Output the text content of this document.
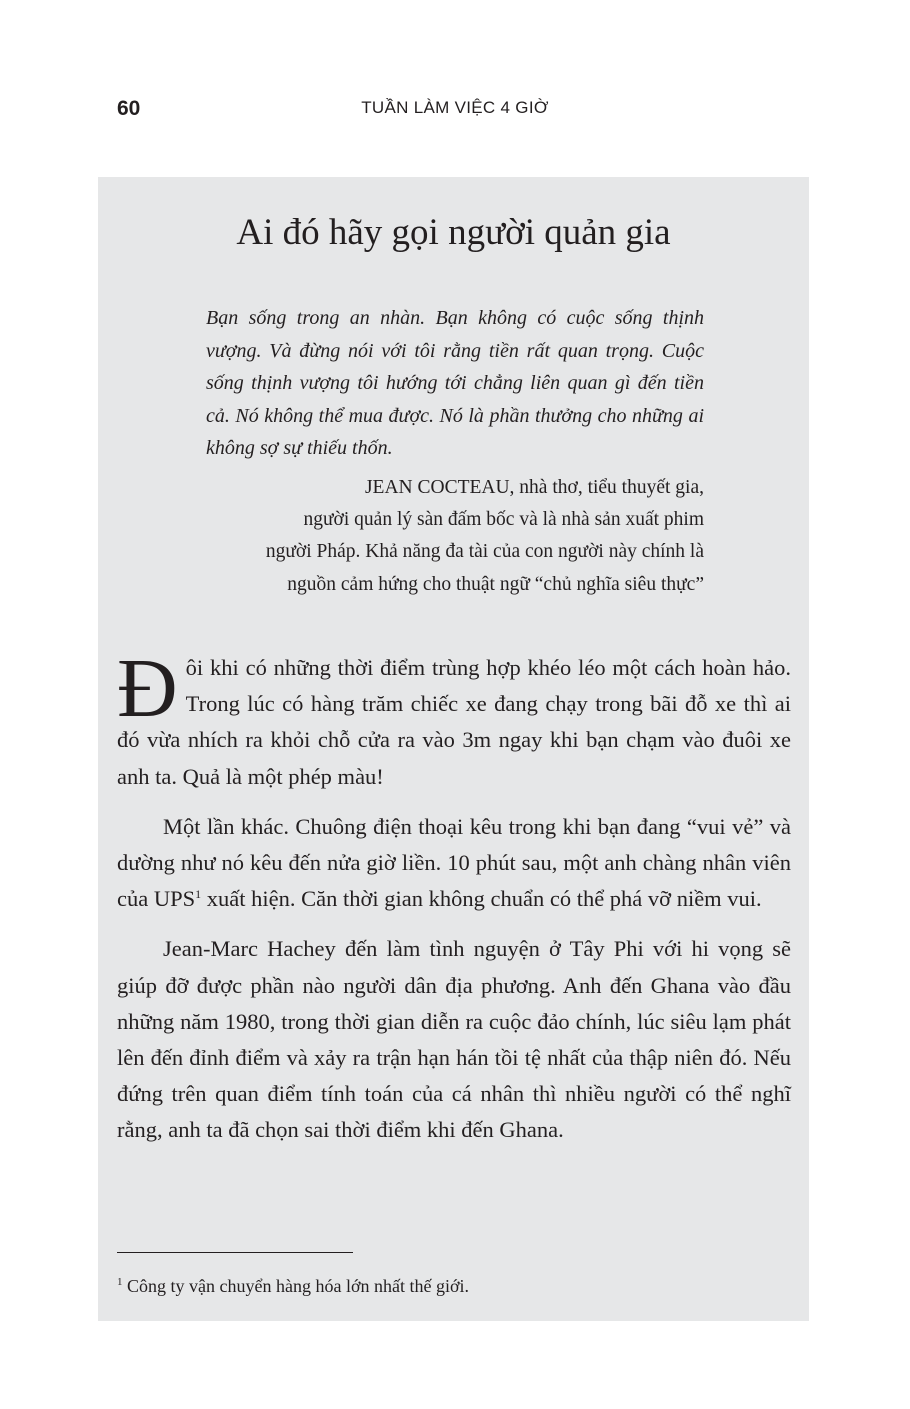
60	TUẦN LÀM VIỆC 4 GIỜ
Ai đó hãy gọi người quản gia

Bạn sống trong an nhàn. Bạn không có cuộc sống thịnh vượng. Và đừng nói với tôi rằng tiền rất quan trọng. Cuộc sống thịnh vượng tôi hướng tới chẳng liên quan gì đến tiền cả. Nó không thể mua được. Nó là phần thưởng cho những ai không sợ sự thiếu thốn.

JEAN COCTEAU, nhà thơ, tiểu thuyết gia,
người quản lý sàn đấm bốc và là nhà sản xuất phim
người Pháp. Khả năng đa tài của con người này chính là
nguồn cảm hứng cho thuật ngữ “chủ nghĩa siêu thực”

Đôi khi có những thời điểm trùng hợp khéo léo một cách hoàn hảo. Trong lúc có hàng trăm chiếc xe đang chạy trong bãi đỗ xe thì ai đó vừa nhích ra khỏi chỗ cửa ra vào 3m ngay khi bạn chạm vào đuôi xe anh ta. Quả là một phép màu!

Một lần khác. Chuông điện thoại kêu trong khi bạn đang “vui vẻ” và dường như nó kêu đến nửa giờ liền. 10 phút sau, một anh chàng nhân viên của UPS$^1$ xuất hiện. Căn thời gian không chuẩn có thể phá vỡ niềm vui.

Jean-Marc Hachey đến làm tình nguyện ở Tây Phi với hi vọng sẽ giúp đỡ được phần nào người dân địa phương. Anh đến Ghana vào đầu những năm 1980, trong thời gian diễn ra cuộc đảo chính, lúc siêu lạm phát lên đến đỉnh điểm và xảy ra trận hạn hán tồi tệ nhất của thập niên đó. Nếu đứng trên quan điểm tính toán của cá nhân thì nhiều người có thể nghĩ rằng, anh ta đã chọn sai thời điểm khi đến Ghana.

$^1$ Công ty vận chuyển hàng hóa lớn nhất thế giới.
